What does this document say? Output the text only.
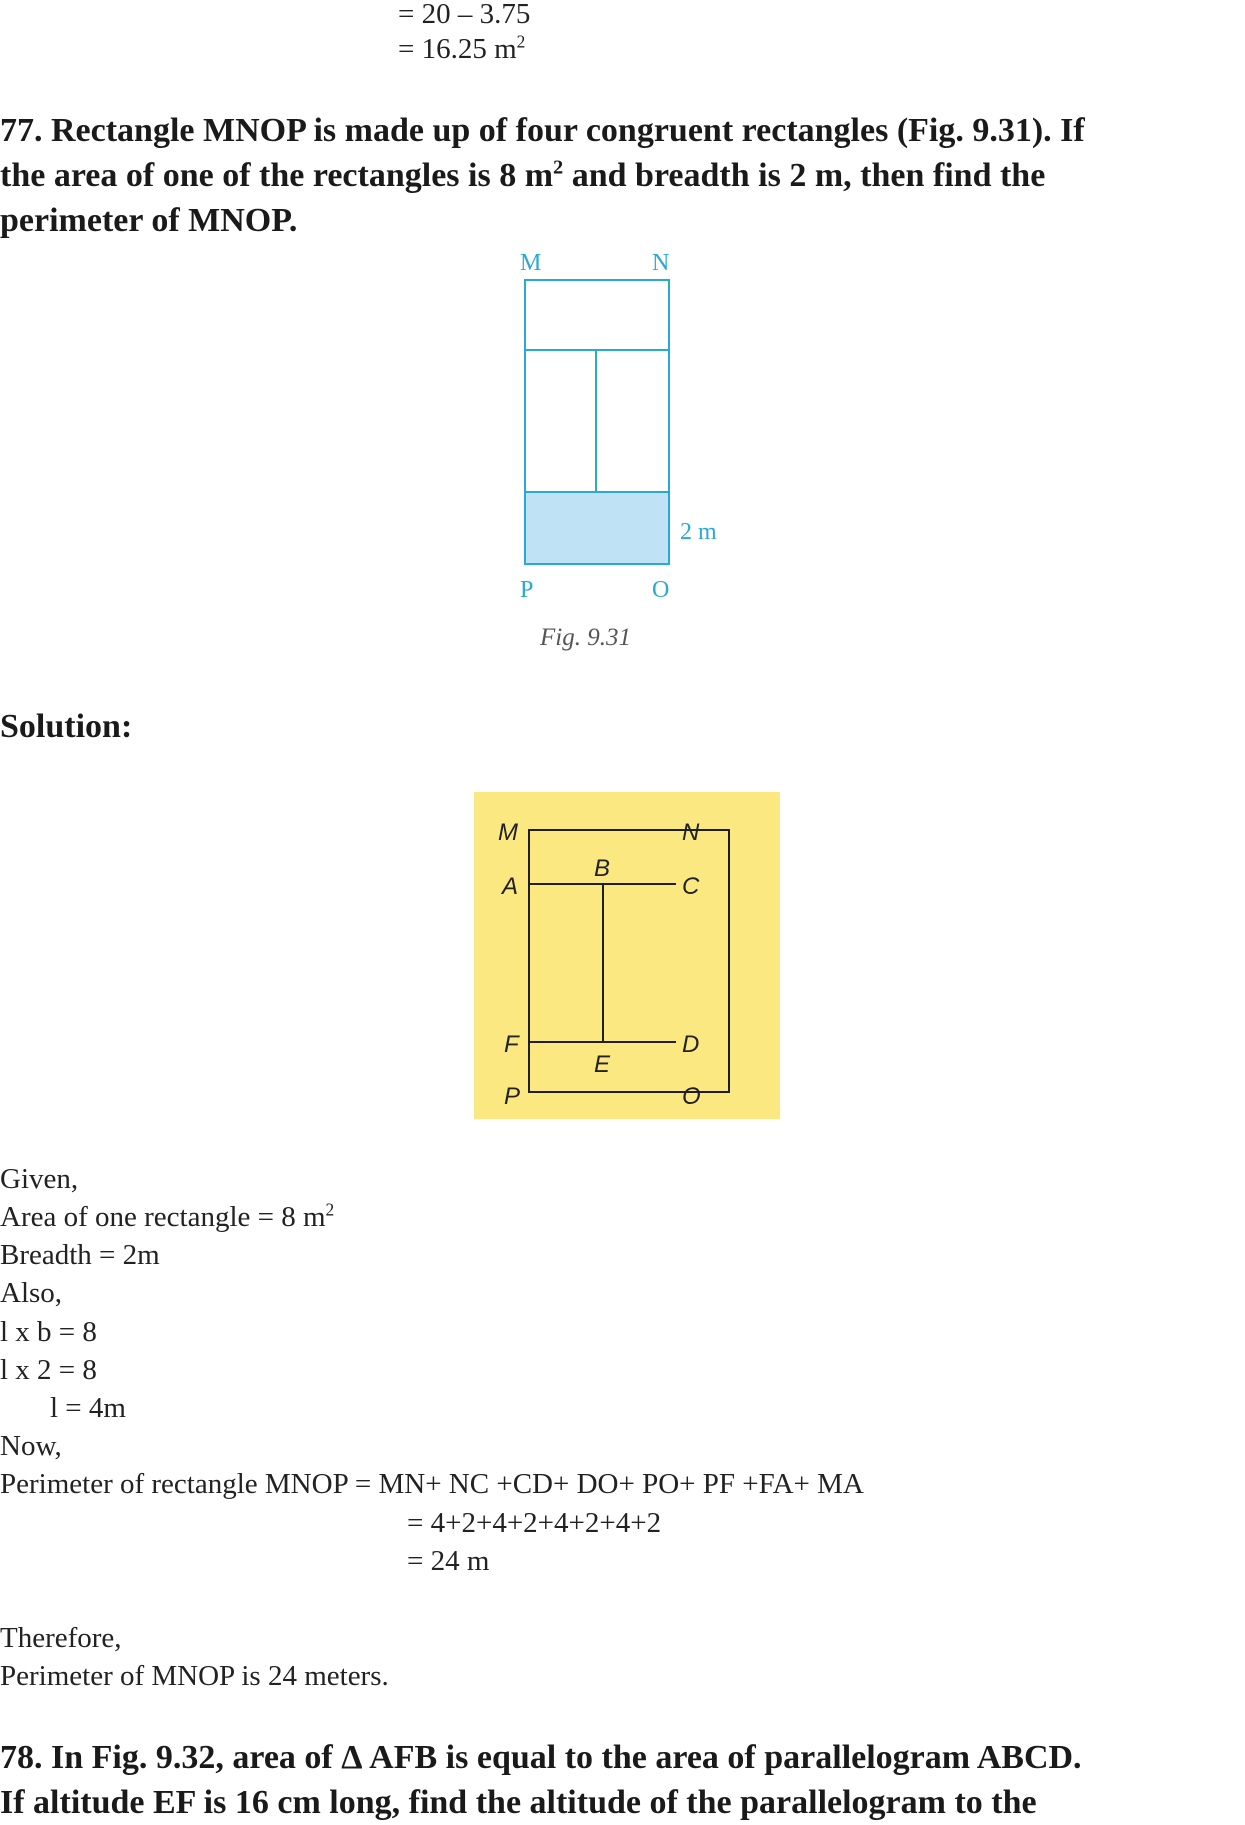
= 20 – 3.75
= 16.25 $m^2$
77. Rectangle MNOP is made up of four congruent rectangles (Fig. 9.31). If
the area of one of the rectangles is 8 $m^2$ and breadth is 2 m, then find the
perimeter of MNOP.
M	N
2 m
P	O
Fig. 9.31
Solution:
M	N
A
B
C
F
E
D
P	O
Given,
Area of one rectangle = 8 $m^2$
Breadth = 2m
Also,
l x b = 8
l x 2 = 8
l = 4m
Now,
Perimeter of rectangle MNOP = MN+ NC +CD+ DO+ PO+ PF +FA+ MA
= 4+2+4+2+4+2+4+2
= 24 m
Therefore,
Perimeter of MNOP is 24 meters.
78. In Fig. 9.32, area of Δ AFB is equal to the area of parallelogram ABCD.
If altitude EF is 16 cm long, find the altitude of the parallelogram to the
